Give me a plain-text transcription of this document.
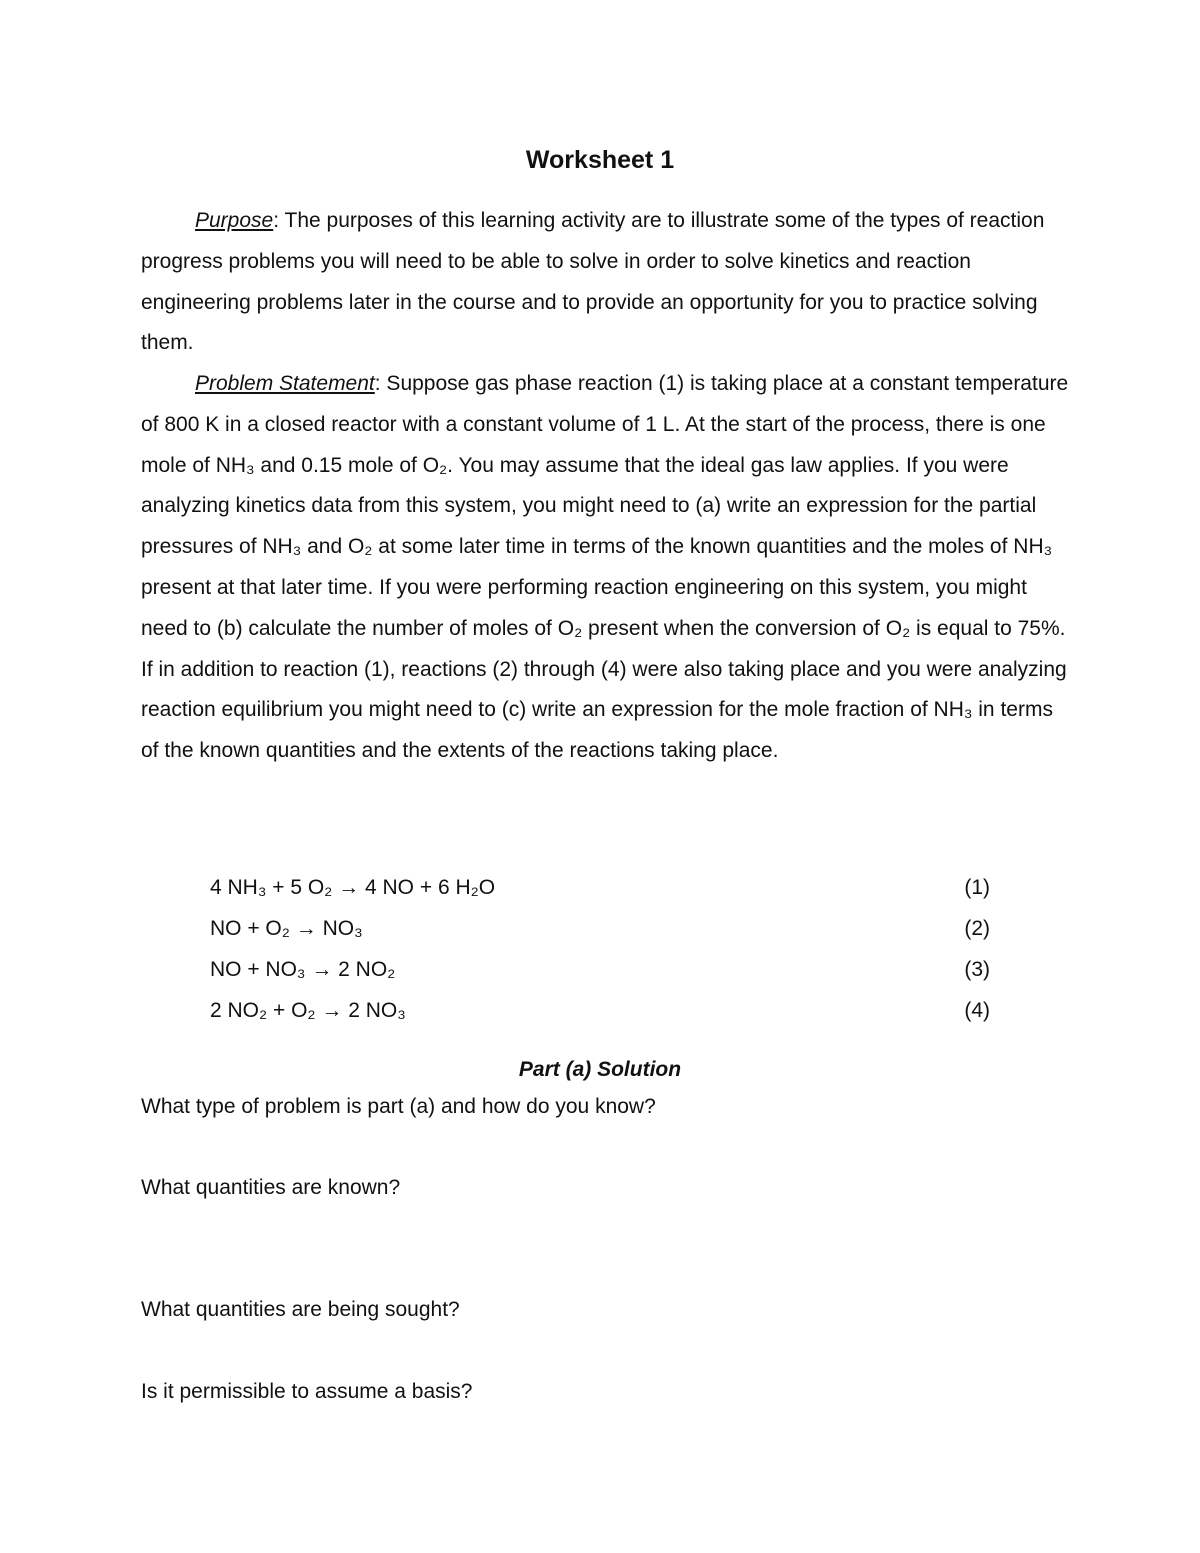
Worksheet 1

Purpose: The purposes of this learning activity are to illustrate some of the types of reaction progress problems you will need to be able to solve in order to solve kinetics and reaction engineering problems later in the course and to provide an opportunity for you to practice solving them.

Problem Statement: Suppose gas phase reaction (1) is taking place at a constant temperature of 800 K in a closed reactor with a constant volume of 1 L. At the start of the process, there is one mole of NH₃ and 0.15 mole of O₂. You may assume that the ideal gas law applies. If you were analyzing kinetics data from this system, you might need to (a) write an expression for the partial pressures of NH₃ and O₂ at some later time in terms of the known quantities and the moles of NH₃ present at that later time. If you were performing reaction engineering on this system, you might need to (b) calculate the number of moles of O₂ present when the conversion of O₂ is equal to 75%. If in addition to reaction (1), reactions (2) through (4) were also taking place and you were analyzing reaction equilibrium you might need to (c) write an expression for the mole fraction of NH₃ in terms of the known quantities and the extents of the reactions taking place.

4 NH₃ + 5 O₂ → 4 NO + 6 H₂O	(1)
NO + O₂ → NO₃	(2)
NO + NO₃ → 2 NO₂	(3)
2 NO₂ + O₂ → 2 NO₃	(4)
Part (a) Solution
What type of problem is part (a) and how do you know?
What quantities are known?
What quantities are being sought?
Is it permissible to assume a basis?
